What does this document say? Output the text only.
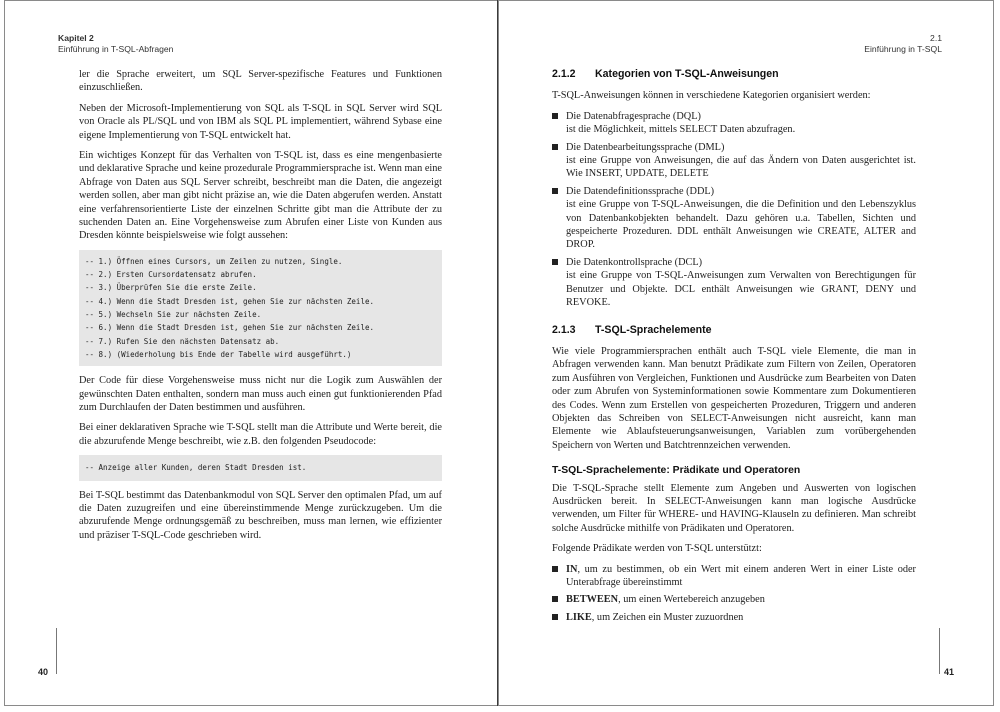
Kapitel 2
Einführung in T-SQL-Abfragen

ler die Sprache erweitert, um SQL Server-spezifische Features und Funktionen einzuschließen.

Neben der Microsoft-Implementierung von SQL als T-SQL in SQL Server wird SQL von Oracle als PL/SQL und von IBM als SQL PL implementiert, während Sybase eine eigene Implementierung von T-SQL entwickelt hat.

Ein wichtiges Konzept für das Verhalten von T-SQL ist, dass es eine mengenbasierte und deklarative Sprache und keine prozedurale Programmiersprache ist. Wenn man eine Abfrage von Daten aus SQL Server schreibt, beschreibt man die Daten, die angezeigt werden sollen, aber man gibt nicht präzise an, wie die Daten abgerufen werden. Anstatt eine verfahrensorientierte Liste der einzelnen Schritte gibt man die Attribute der zu suchenden Daten an. Eine Vorgehensweise zum Abrufen einer Liste von Kunden aus Dresden könnte beispielsweise wie folgt aussehen:

-- 1.) Öffnen eines Cursors, um Zeilen zu nutzen, Single.
-- 2.) Ersten Cursordatensatz abrufen.
-- 3.) Überprüfen Sie die erste Zeile.
-- 4.) Wenn die Stadt Dresden ist, gehen Sie zur nächsten Zeile.
-- 5.) Wechseln Sie zur nächsten Zeile.
-- 6.) Wenn die Stadt Dresden ist, gehen Sie zur nächsten Zeile.
-- 7.) Rufen Sie den nächsten Datensatz ab.
-- 8.) (Wiederholung bis Ende der Tabelle wird ausgeführt.)

Der Code für diese Vorgehensweise muss nicht nur die Logik zum Auswählen der gewünschten Daten enthalten, sondern man muss auch einen gut funktionierenden Pfad zum Durchlaufen der Daten bestimmen und ausführen.

Bei einer deklarativen Sprache wie T-SQL stellt man die Attribute und Werte bereit, die die abzurufende Menge beschreibt, wie z.B. den folgenden Pseudocode:

-- Anzeige aller Kunden, deren Stadt Dresden ist.

Bei T-SQL bestimmt das Datenbankmodul von SQL Server den optimalen Pfad, um auf die Daten zuzugreifen und eine übereinstimmende Menge zurückzugeben. Um die abzurufende Menge ordnungsgemäß zu beschreiben, muss man lernen, wie effizienter und präziser T-SQL-Code geschrieben wird.

40
2.1
Einführung in T-SQL
2.1.2 Kategorien von T-SQL-Anweisungen

T-SQL-Anweisungen können in verschiedene Kategorien organisiert werden:

Die Datenabfragesprache (DQL)
ist die Möglichkeit, mittels SELECT Daten abzufragen.
Die Datenbearbeitungssprache (DML)
ist eine Gruppe von Anweisungen, die auf das Ändern von Daten ausgerichtet ist. Wie INSERT, UPDATE, DELETE
Die Datendefinitionssprache (DDL)
ist eine Gruppe von T-SQL-Anweisungen, die die Definition und den Lebenszyklus von Datenbankobjekten behandelt. Dazu gehören u.a. Tabellen, Sichten und gespeicherte Prozeduren. DDL enthält Anweisungen wie CREATE, ALTER and DROP.
Die Datenkontrollsprache (DCL)
ist eine Gruppe von T-SQL-Anweisungen zum Verwalten von Berechtigungen für Benutzer und Objekte. DCL enthält Anweisungen wie GRANT, DENY und REVOKE.
2.1.3 T-SQL-Sprachelemente

Wie viele Programmiersprachen enthält auch T-SQL viele Elemente, die man in Abfragen verwenden kann. Man benutzt Prädikate zum Filtern von Zeilen, Operatoren zum Ausführen von Vergleichen, Funktionen und Ausdrücke zum Bearbeiten von Daten oder zum Abrufen von Systeminformationen sowie Kommentare zum Dokumentieren des Codes. Wenn zum Erstellen von gespeicherten Prozeduren, Triggern und anderen Objekten das Schreiben von SELECT-Anweisungen nicht ausreicht, kann man Elemente wie Ablaufsteuerungsanweisungen, Variablen zum vorübergehenden Speichern von Werten und Batchtrennzeichen verwenden.

T-SQL-Sprachelemente: Prädikate und Operatoren

Die T-SQL-Sprache stellt Elemente zum Angeben und Auswerten von logischen Ausdrücken bereit. In SELECT-Anweisungen kann man logische Ausdrücke verwenden, um Filter für WHERE- und HAVING-Klauseln zu definieren. Man schreibt solche Ausdrücke mithilfe von Prädikaten und Operatoren.

Folgende Prädikate werden von T-SQL unterstützt:

IN, um zu bestimmen, ob ein Wert mit einem anderen Wert in einer Liste oder Unterabfrage übereinstimmt
BETWEEN, um einen Wertebereich anzugeben
LIKE, um Zeichen ein Muster zuzuordnen
41
